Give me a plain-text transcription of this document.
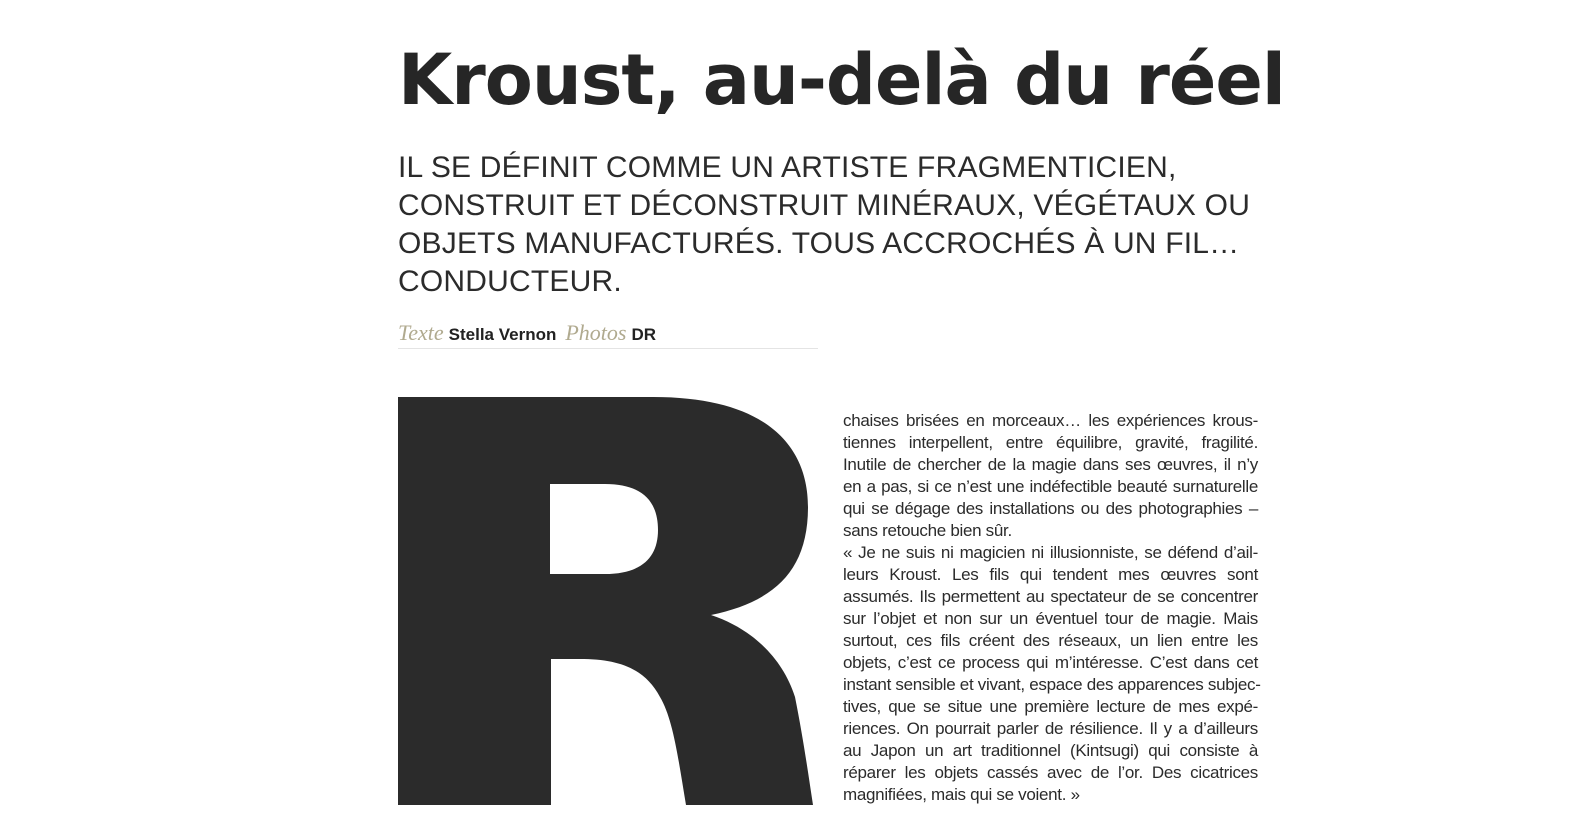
Kroust, au-delà du réel
IL SE DÉFINIT COMME UN ARTISTE FRAGMENTICIEN,
CONSTRUIT ET DÉCONSTRUIT MINÉRAUX, VÉGÉTAUX OU
OBJETS MANUFACTURÉS. TOUS ACCROCHÉS À UN FIL…
CONDUCTEUR.
Texte Stella Vernon Photos DR

chaises brisées en morceaux… les expériences krous-
tiennes interpellent, entre équilibre, gravité, fragilité.
Inutile de chercher de la magie dans ses œuvres, il n’y
en a pas, si ce n’est une indéfectible beauté surnaturelle
qui se dégage des installations ou des photographies –
sans retouche bien sûr.

« Je ne suis ni magicien ni illusionniste, se défend d’ail-
leurs Kroust. Les fils qui tendent mes œuvres sont
assumés. Ils permettent au spectateur de se concentrer
sur l’objet et non sur un éventuel tour de magie. Mais
surtout, ces fils créent des réseaux, un lien entre les
objets, c’est ce process qui m’intéresse. C’est dans cet
instant sensible et vivant, espace des apparences subjec-
tives, que se situe une première lecture de mes expé-
riences. On pourrait parler de résilience. Il y a d’ailleurs
au Japon un art traditionnel (Kintsugi) qui consiste à
réparer les objets cassés avec de l’or. Des cicatrices
magnifiées, mais qui se voient. »
